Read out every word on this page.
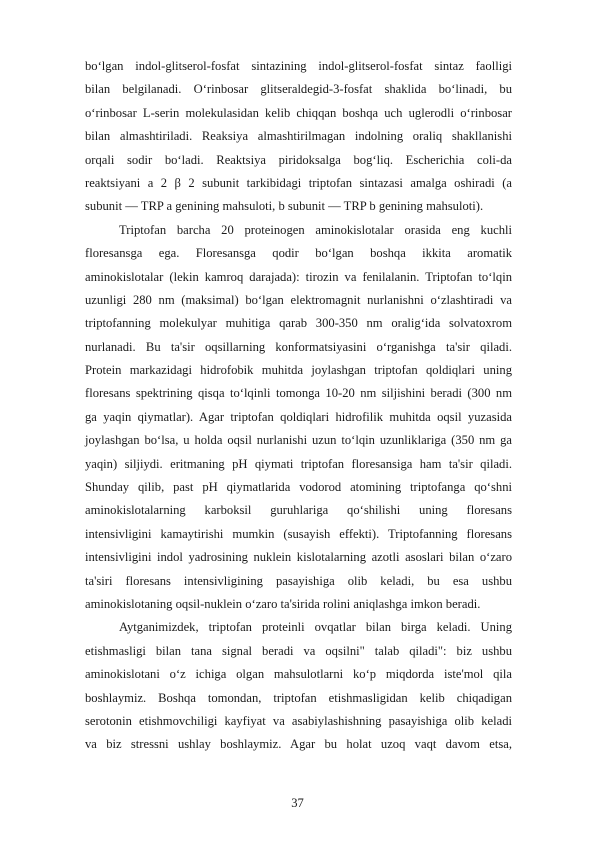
bo‘lgan indol-glitserol-fosfat sintazining indol-glitserol-fosfat sintaz faolligi
bilan belgilanadi. O‘rinbosar glitseraldegid-3-fosfat shaklida bo‘linadi, bu
o‘rinbosar L-serin molekulasidan kelib chiqqan boshqa uch uglerodli o‘rinbosar
bilan almashtiriladi. Reaksiya almashtirilmagan indolning oraliq shakllanishi
orqali sodir bo‘ladi. Reaktsiya piridoksalga bog‘liq. Escherichia coli-da
reaktsiyani a 2 β 2 subunit tarkibidagi triptofan sintazasi amalga oshiradi (a
subunit — TRP a genining mahsuloti, b subunit — TRP b genining mahsuloti).
Triptofan barcha 20 proteinogen aminokislotalar orasida eng kuchli
floresansga ega. Floresansga qodir bo‘lgan boshqa ikkita aromatik
aminokislotalar (lekin kamroq darajada): tirozin va fenilalanin. Triptofan to‘lqin
uzunligi 280 nm (maksimal) bo‘lgan elektromagnit nurlanishni o‘zlashtiradi va
triptofanning molekulyar muhitiga qarab 300-350 nm oralig‘ida solvatoxrom
nurlanadi. Bu ta'sir oqsillarning konformatsiyasini o‘rganishga ta'sir qiladi.
Protein markazidagi hidrofobik muhitda joylashgan triptofan qoldiqlari uning
floresans spektrining qisqa to‘lqinli tomonga 10-20 nm siljishini beradi (300 nm
ga yaqin qiymatlar). Agar triptofan qoldiqlari hidrofilik muhitda oqsil yuzasida
joylashgan bo‘lsa, u holda oqsil nurlanishi uzun to‘lqin uzunliklariga (350 nm ga
yaqin) siljiydi. eritmaning pH qiymati triptofan floresansiga ham ta'sir qiladi.
Shunday qilib, past pH qiymatlarida vodorod atomining triptofanga qo‘shni
aminokislotalarning karboksil guruhlariga qo‘shilishi uning floresans
intensivligini kamaytirishi mumkin (susayish effekti). Triptofanning floresans
intensivligini indol yadrosining nuklein kislotalarning azotli asoslari bilan o‘zaro
ta'siri floresans intensivligining pasayishiga olib keladi, bu esa ushbu
aminokislotaning oqsil-nuklein o‘zaro ta'sirida rolini aniqlashga imkon beradi.
Aytganimizdek, triptofan proteinli ovqatlar bilan birga keladi. Uning
etishmasligi bilan tana signal beradi va oqsilni" talab qiladi": biz ushbu
aminokislotani o‘z ichiga olgan mahsulotlarni ko‘p miqdorda iste'mol qila
boshlaymiz. Boshqa tomondan, triptofan etishmasligidan kelib chiqadigan
serotonin etishmovchiligi kayfiyat va asabiylashishning pasayishiga olib keladi
va biz stressni ushlay boshlaymiz. Agar bu holat uzoq vaqt davom etsa,
37
